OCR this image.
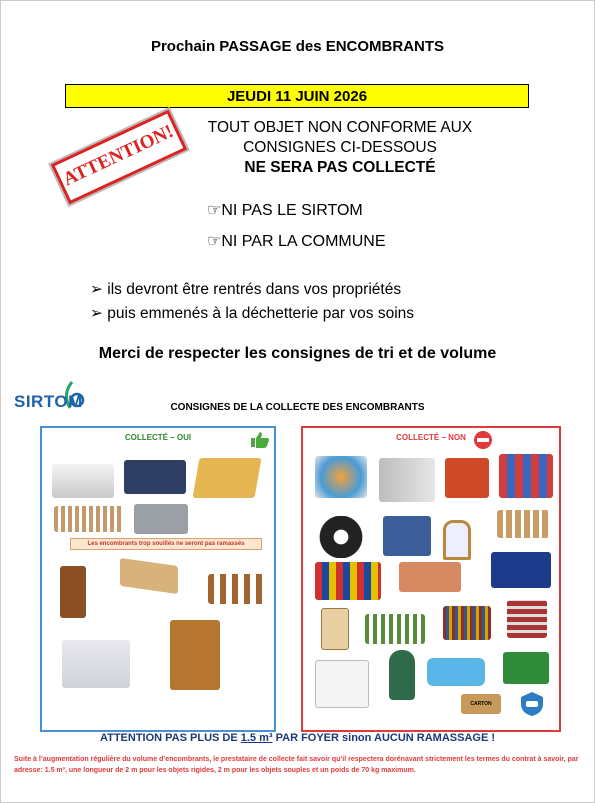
Prochain PASSAGE des ENCOMBRANTS
JEUDI 11 JUIN 2026
ATTENTION!	TOUT OBJET NON CONFORME AUX
CONSIGNES CI-DESSOUS
NE SERA PAS COLLECTÉ
☞NI PAS LE SIRTOM
☞NI PAR LA COMMUNE
➢ ils devront être rentrés dans vos propriétés
➢ puis emmenés à la déchetterie par vos soins
Merci de respecter les consignes de tri et de volume
SIRTOM	CONSIGNES DE LA COLLECTE DES ENCOMBRANTS
COLLECTÉ – OUI
Les encombrants trop souillés ne seront pas ramassés
COLLECTÉ – NON
CARTON
ATTENTION PAS PLUS DE 1.5 m³ PAR FOYER sinon AUCUN RAMASSAGE !
Suite à l’augmentation régulière du volume d’encombrants, le prestataire de collecte fait savoir qu’il respectera dorénavant strictement les termes du contrat à savoir, par adresse: 1.5 m³, une longueur de 2 m pour les objets rigides, 2 m pour les objets souples et un poids de 70 kg maximum.
